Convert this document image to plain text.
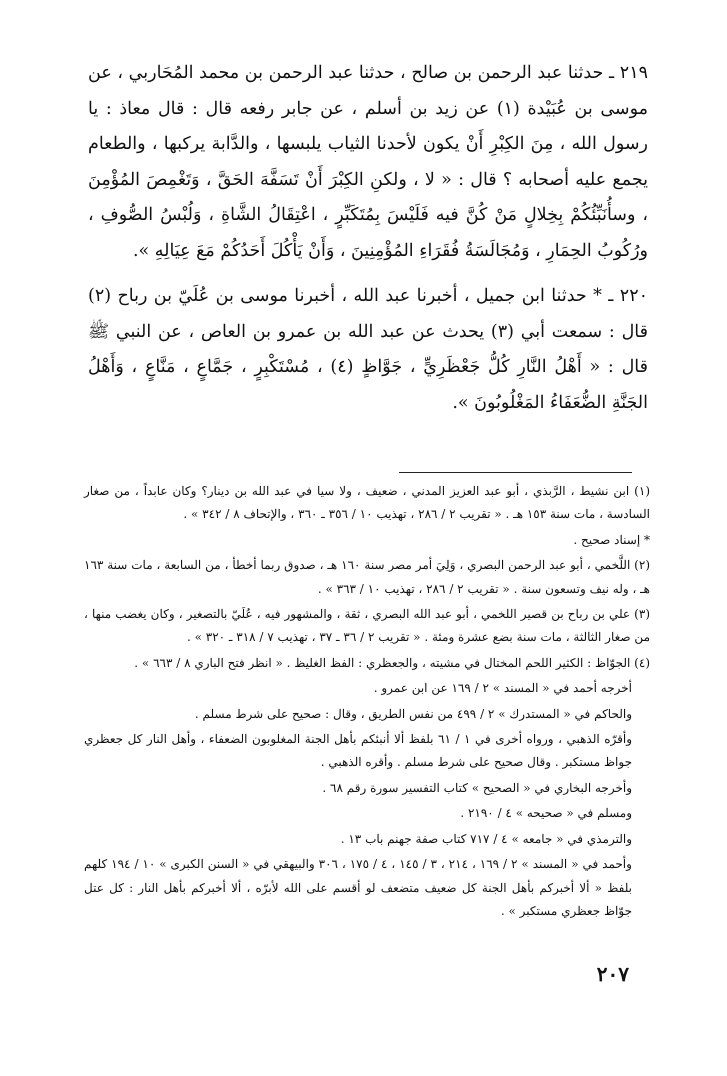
٢١٩ ـ حدثنا عبد الرحمن بن صالح ، حدثنا عبد الرحمن بن محمد المُحَاربي ، عن موسى بن عُبَيْدة (١) عن زيد بن أسلم ، عن جابر رفعه قال : قال معاذ : يا رسول الله ، مِنَ الكِبْرِ أَنْ يكون لأحدنا الثياب يلبسها ، والدَّابة يركبها ، والطعام يجمع عليه أصحابه ؟ قال : « لا ، ولكنِ الكِبْرَ أَنْ تَسَفَّهَ الحَقَّ ، وَتَغْمِصَ المُؤْمِنَ ، وسأُنَبِّئُكُمْ بِخِلالٍ مَنْ كُنَّ فيه فَلَيْسَ بِمُتَكَبِّرٍ ، اعْتِقَالُ الشَّاةِ ، وَلُبْسُ الصُّوفِ ، ورُكُوبُ الحِمَارِ ، وَمُجَالَسَةُ فُقَرَاءِ المُؤْمِنِينَ ، وَأَنْ يَأْكُلَ أَحَدُكُمْ مَعَ عِيَالِهِ ».

٢٢٠ ـ * حدثنا ابن جميل ، أخبرنا عبد الله ، أخبرنا موسى بن عُلَيّ بن رباح (٢) قال : سمعت أبي (٣) يحدث عن عبد الله بن عمرو بن العاص ، عن النبي ﷺ قال : « أَهْلُ النَّارِ كُلُّ جَعْظَرِيٍّ ، جَوَّاظٍ (٤) ، مُسْتَكْبِرٍ ، جَمَّاعٍ ، مَنَّاعٍ ، وَأَهْلُ الجَنَّةِ الضُّعَفَاءُ المَغْلُوبُونَ ».

(١) ابن نشيط ، الرَّبذي ، أبو عبد العزيز المدني ، ضعيف ، ولا سيا في عبد الله بن دينار؟ وكان عابداً ، من صغار السادسة ، مات سنة ١٥٣ هـ . « تقريب ٢ / ٢٨٦ ، تهذيب ١٠ / ٣٥٦ ـ ٣٦٠ ، والإتحاف ٨ / ٣٤٢ » .

* إسناد صحيح .

(٢) اللَّخمي ، أبو عبد الرحمن البصري ، وَلِيَ أمر مصر سنة ١٦٠ هـ ، صدوق ربما أخطأ ، من السابعة ، مات سنة ١٦٣ هـ ، وله نيف وتسعون سنة . « تقريب ٢ / ٢٨٦ ، تهذيب ١٠ / ٣٦٣ » .

(٣) علي بن رباح بن قصير اللخمي ، أبو عبد الله البصري ، ثقة ، والمشهور فيه ، عُلَيّ بالتصغير ، وكان يغضب منها ، من صغار الثالثة ، مات سنة بضع عشرة ومئة . « تقريب ٢ / ٣٦ ـ ٣٧ ، تهذيب ٧ / ٣١٨ ـ ٣٢٠ » .

(٤) الجوّاظ : الكثير اللحم المختال في مشيته ، والجعظري : الفظ الغليظ . « انظر فتح الباري ٨ / ٦٦٣ » .

أخرجه أحمد في « المسند » ٢ / ١٦٩ عن ابن عمرو .

والحاكم في « المستدرك » ٢ / ٤٩٩ من نفس الطريق ، وقال : صحيح على شرط مسلم .

وأقرّه الذهبي ، ورواه أخرى في ١ / ٦١ بلفظ ألا أنبئكم بأهل الجنة المغلوبون الضعفاء ، وأهل النار كل جعظري جواظ مستكبر . وقال صحيح على شرط مسلم . وأقره الذهبي .

وأخرجه البخاري في « الصحيح » كتاب التفسير سورة رقم ٦٨ .

ومسلم في « صحيحه » ٤ / ٢١٩٠ .

والترمذي في « جامعه » ٤ / ٧١٧ كتاب صفة جهنم باب ١٣ .

وأحمد في « المسند » ٢ / ١٦٩ ، ٢١٤ ، ٣ / ١٤٥ ، ٤ / ١٧٥ ، ٣٠٦ والبيهقي في « السنن الكبرى » ١٠ / ١٩٤ كلهم بلفظ « ألا أخبركم بأهل الجنة كل ضعيف متضعف لو أقسم على الله لأبرّه ، ألا أخبركم بأهل النار : كل عتل جوّاظ جعظري مستكبر » .

٢٠٧
